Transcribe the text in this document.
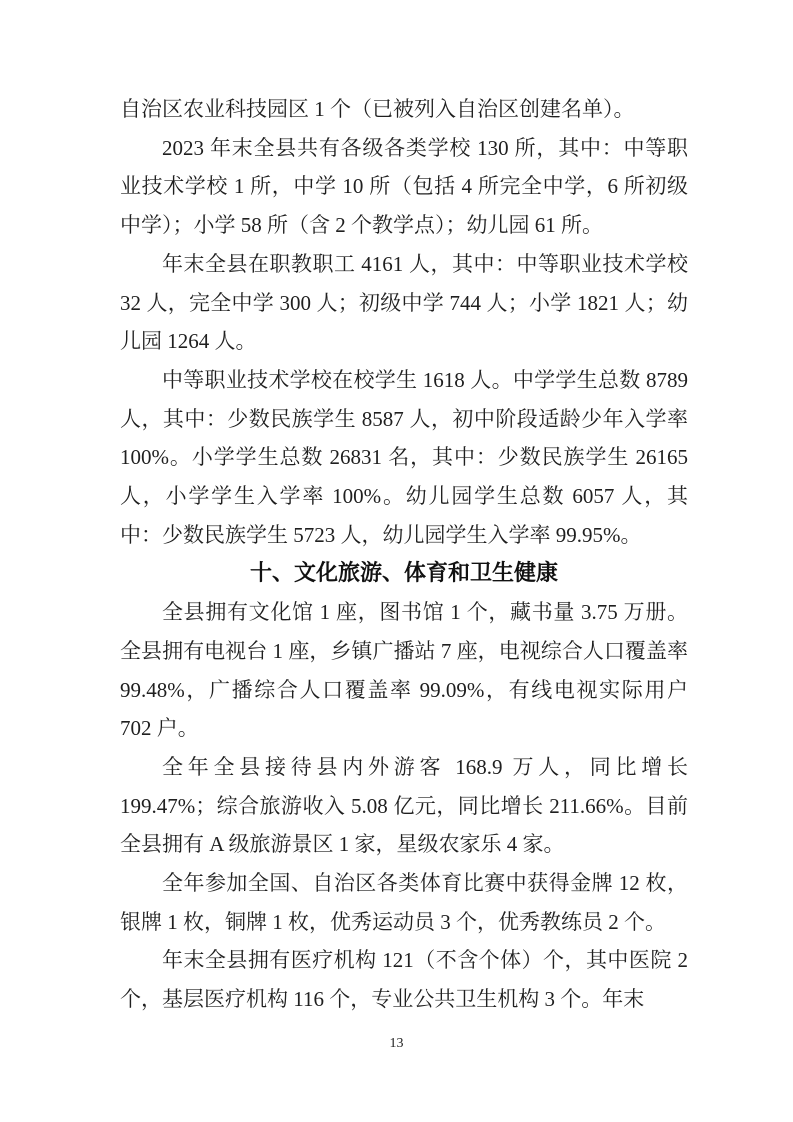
自治区农业科技园区 1 个（已被列入自治区创建名单）。

2023 年末全县共有各级各类学校 130 所，其中：中等职业技术学校 1 所，中学 10 所（包括 4 所完全中学，6 所初级中学）；小学 58 所（含 2 个教学点）；幼儿园 61 所。

年末全县在职教职工 4161 人，其中：中等职业技术学校 32 人，完全中学 300 人；初级中学 744 人；小学 1821 人；幼儿园 1264 人。

中等职业技术学校在校学生 1618 人。中学学生总数 8789 人，其中：少数民族学生 8587 人，初中阶段适龄少年入学率 100%。小学学生总数 26831 名，其中：少数民族学生 26165 人，小学学生入学率 100%。幼儿园学生总数 6057 人，其中：少数民族学生 5723 人，幼儿园学生入学率 99.95%。

十、文化旅游、体育和卫生健康

全县拥有文化馆 1 座，图书馆 1 个，藏书量 3.75 万册。全县拥有电视台 1 座，乡镇广播站 7 座，电视综合人口覆盖率 99.48%，广播综合人口覆盖率 99.09%，有线电视实际用户 702 户。

全年全县接待县内外游客 168.9 万人，同比增长 199.47%；综合旅游收入 5.08 亿元，同比增长 211.66%。目前全县拥有 A 级旅游景区 1 家，星级农家乐 4 家。

全年参加全国、自治区各类体育比赛中获得金牌 12 枚，银牌 1 枚，铜牌 1 枚，优秀运动员 3 个，优秀教练员 2 个。

年末全县拥有医疗机构 121（不含个体）个，其中医院 2 个，基层医疗机构 116 个，专业公共卫生机构 3 个。年末

13
